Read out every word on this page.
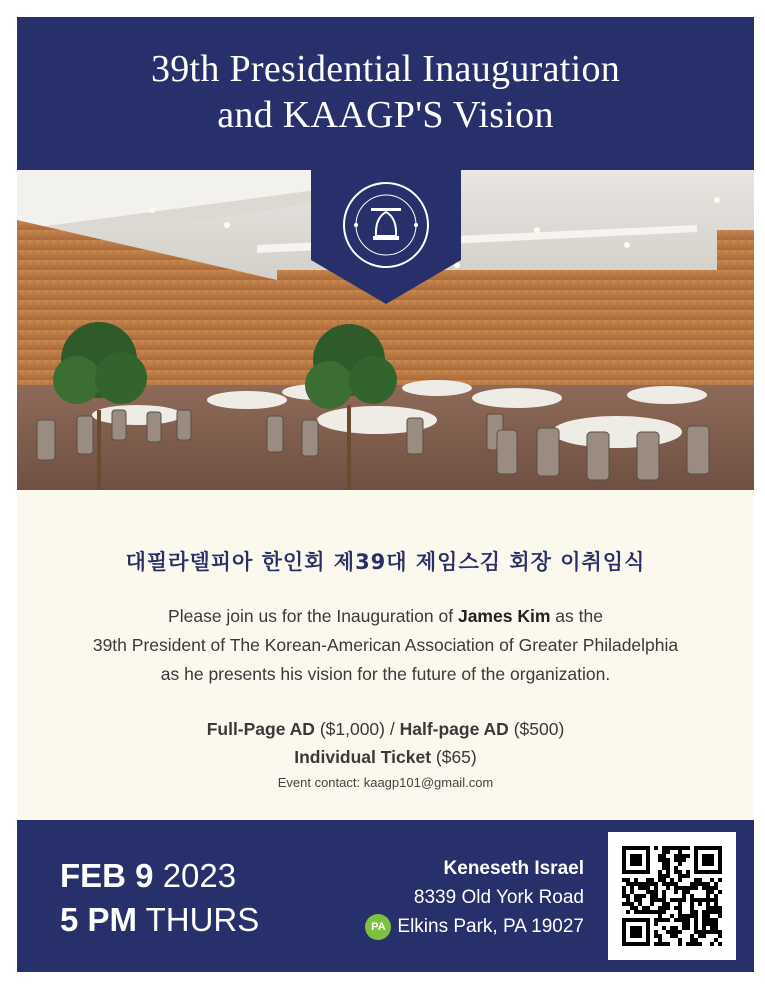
39th Presidential Inauguration
and KAAGP'S Vision
대필라델피아 한인회 제39대 제임스김 회장 이취임식
Please join us for the Inauguration of James Kim as the
39th President of The Korean-American Association of Greater Philadelphia
as he presents his vision for the future of the organization.
Full-Page AD ($1,000) / Half-page AD ($500)
Individual Ticket ($65)
Event contact: kaagp101@gmail.com
FEB 9 2023
5 PM THURS
Keneseth Israel
8339 Old York Road
PA Elkins Park, PA 19027
